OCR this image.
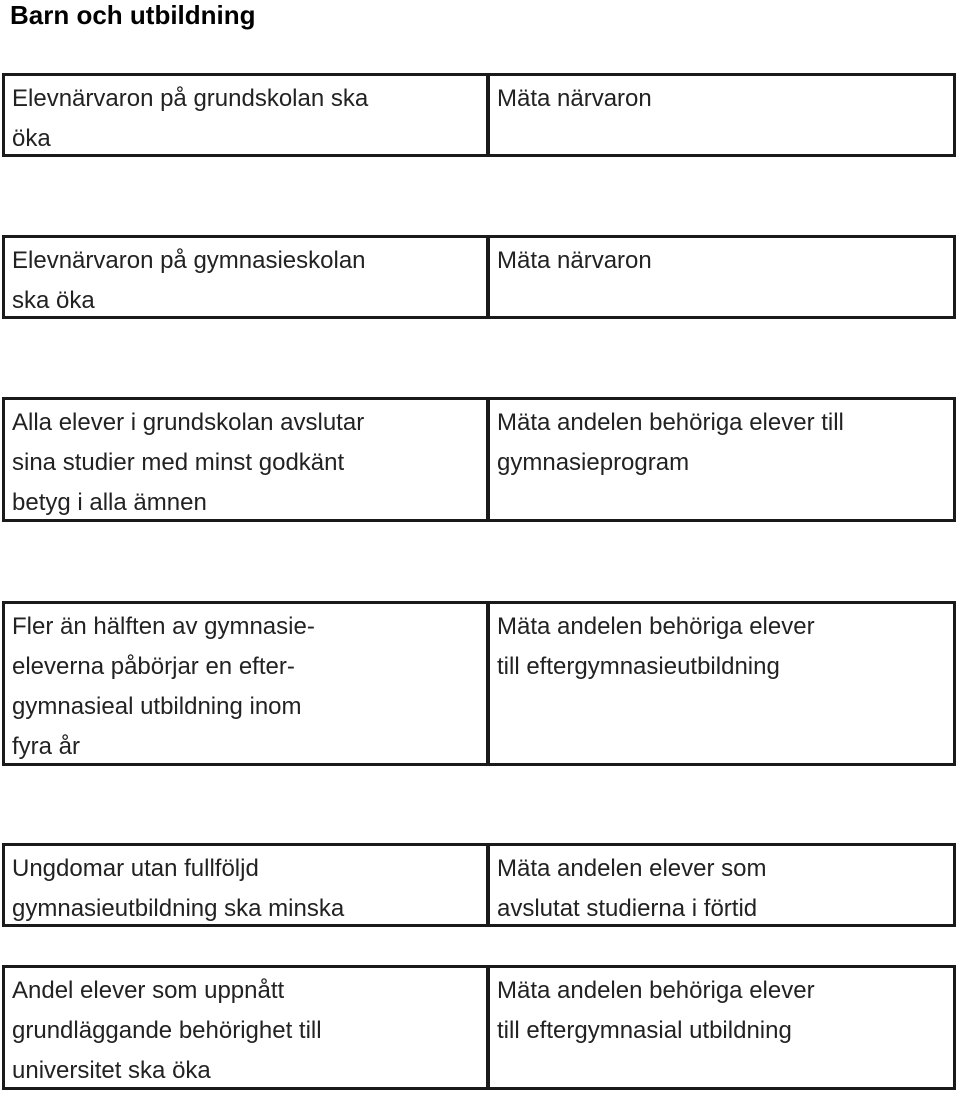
Barn och utbildning
Elevnärvaron på grundskolan ska
öka
Mäta närvaron
Elevnärvaron på gymnasieskolan
ska öka
Mäta närvaron
Alla elever i grundskolan avslutar
sina studier med minst godkänt
betyg i alla ämnen
Mäta andelen behöriga elever till
gymnasieprogram
Fler än hälften av gymnasie-
eleverna påbörjar en efter-
gymnasieal utbildning inom
fyra år
Mäta andelen behöriga elever
till eftergymnasieutbildning
Ungdomar utan fullföljd
gymnasieutbildning ska minska
Mäta andelen elever som
avslutat studierna i förtid
Andel elever som uppnått
grundläggande behörighet till
universitet ska öka
Mäta andelen behöriga elever
till eftergymnasial utbildning
